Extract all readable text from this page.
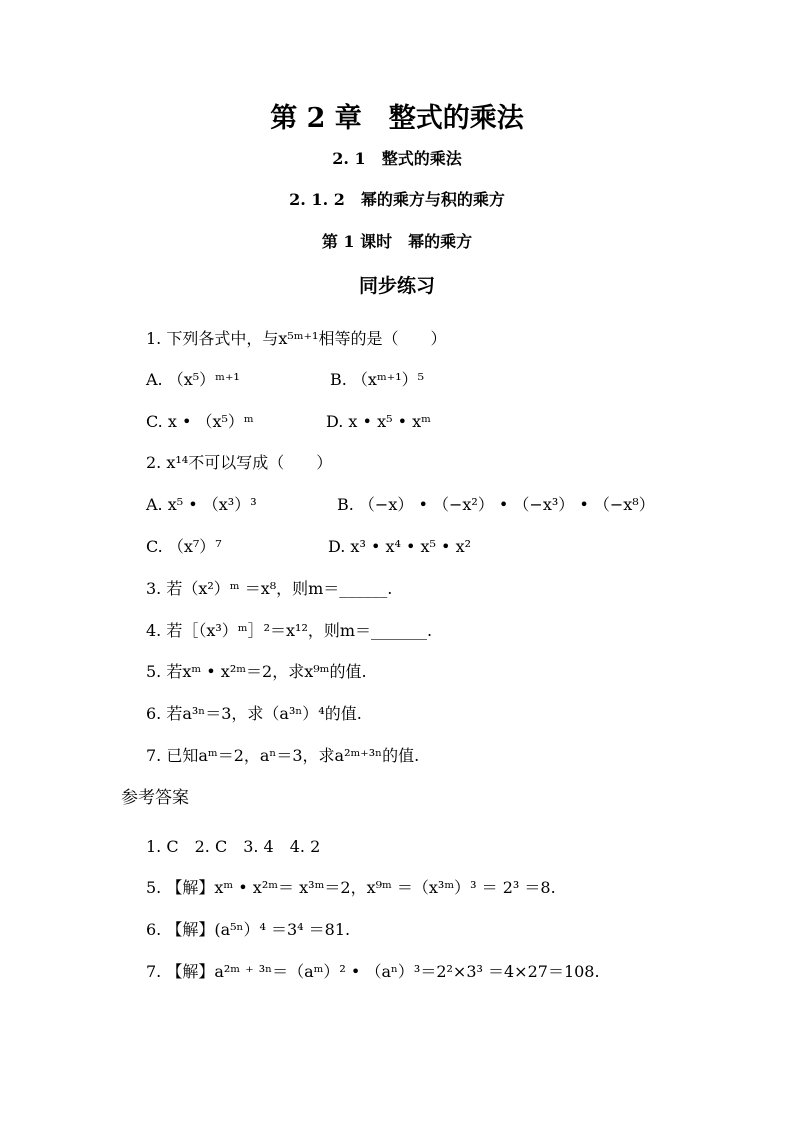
第 2 章　整式的乘法
2. 1　整式的乘法
2. 1. 2　幂的乘方与积的乘方
第 1 课时　幂的乘方
同步练习
1. 下列各式中，与x⁵ᵐ⁺¹相等的是（　　）
A. （x⁵）ᵐ⁺¹	B. （xᵐ⁺¹）⁵
C. x • （x⁵）ᵐ	D. x • x⁵ • xᵐ
2. x¹⁴不可以写成（　　）
A. x⁵ • （x³）³	B. （−x） • （−x²） • （−x³） • （−x⁸）
C. （x⁷）⁷	D. x³ • x⁴ • x⁵ • x²
3. 若（x²）ᵐ ＝x⁸，则m＝______.
4. 若［（x³）ᵐ］²＝x¹²，则m＝_______.
5. 若xᵐ • x²ᵐ＝2，求x⁹ᵐ的值.
6. 若a³ⁿ＝3，求（a³ⁿ）⁴的值.
7. 已知aᵐ＝2，aⁿ＝3，求a²ᵐ⁺³ⁿ的值.
参考答案
1. C　2. C　3. 4　4. 2
5. 【解】xᵐ • x²ᵐ＝ x³ᵐ＝2，x⁹ᵐ ＝（x³ᵐ）³ ＝ 2³ ＝8.
6. 【解】(a⁵ⁿ）⁴ ＝3⁴ ＝81.
7. 【解】a²ᵐ ⁺ ³ⁿ＝（aᵐ）² • （aⁿ）³＝2²×3³ ＝4×27＝108.
